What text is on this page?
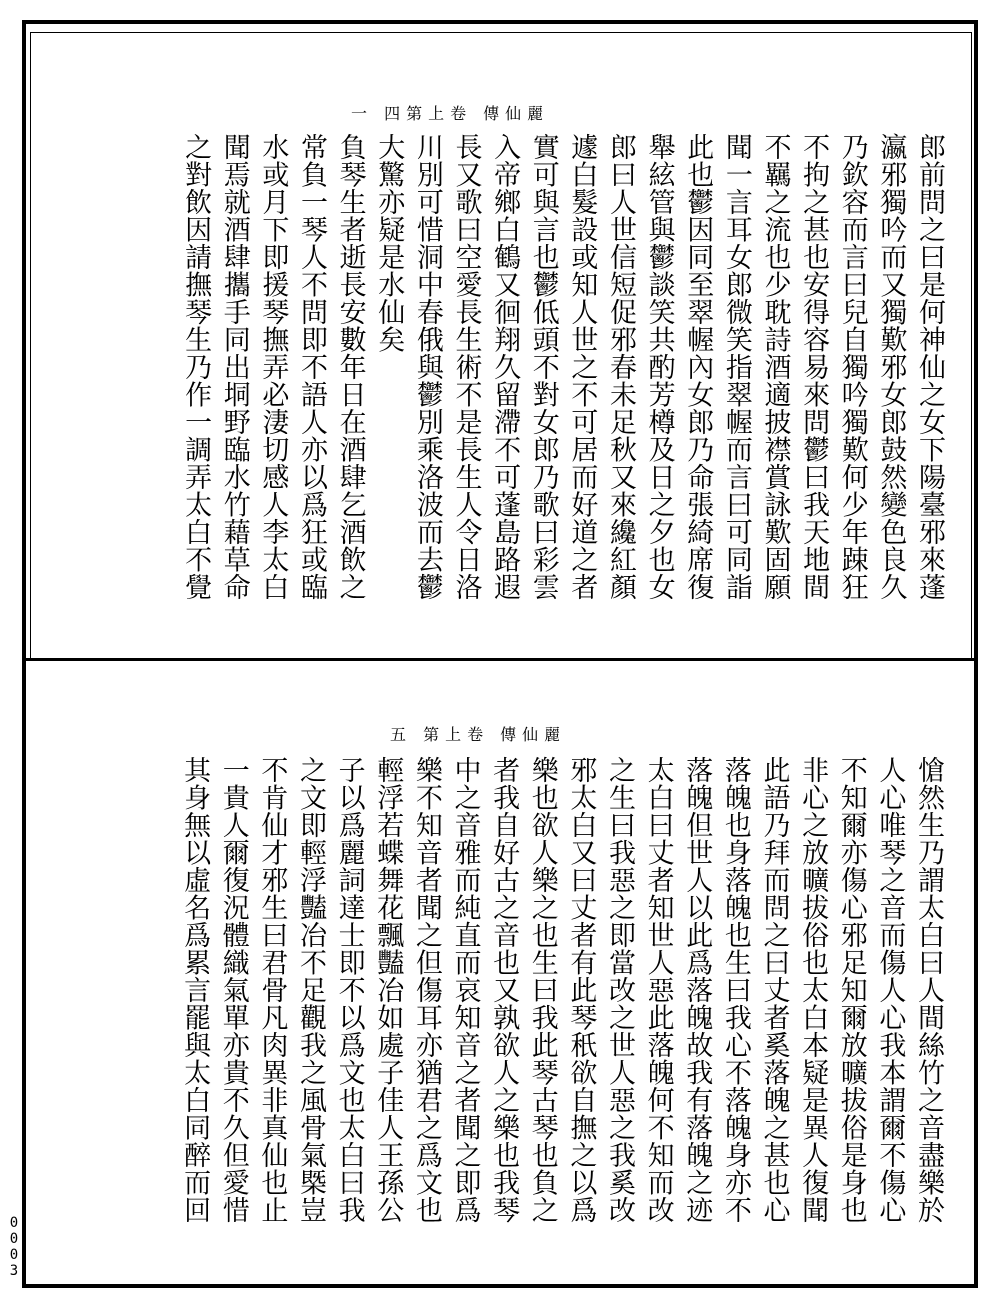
一 四第上卷 傳仙麗
郎前問之曰是何神仙之女下陽臺邪來蓬
瀛邪獨吟而又獨歎邪女郎鼓然變色良久
乃欽容而言曰兒自獨吟獨歎何少年踈狂
不拘之甚也安得容易來問鬱曰我天地間
不羈之流也少耽詩酒適披襟賞詠歎固願
聞一言耳女郎微笑指翠幄而言曰可同詣
此也鬱因同至翠幄內女郎乃命張綺席復
舉絃管與鬱談笑共酌芳樽及日之夕也女
郎曰人世信短促邪春未足秋又來纔紅顏
遽白髮設或知人世之不可居而好道之者
實可與言也鬱低頭不對女郎乃歌曰彩雲
入帝鄉白鶴又徊翔久留滯不可蓬島路遐
長又歌曰空愛長生術不是長生人令日洛
川別可惜洞中春俄與鬱別乘洛波而去鬱
大驚亦疑是水仙矣
負琴生者逝長安數年日在酒肆乞酒飲之
常負一琴人不問即不語人亦以爲狂或臨
水或月下即援琴撫弄必淒切感人李太白
聞焉就酒肆攜手同出垌野臨水竹藉草命
之對飲因請撫琴生乃作一調弄太白不覺
五 第上卷 傳仙麗
愴然生乃謂太白曰人間絲竹之音盡樂於
人心唯琴之音而傷人心我本謂爾不傷心
不知爾亦傷心邪足知爾放曠拔俗是身也
非心之放曠拔俗也太白本疑是異人復聞
此語乃拜而問之曰丈者奚落魄之甚也心
落魄也身落魄也生曰我心不落魄身亦不
落魄但世人以此爲落魄故我有落魄之迹
太白曰丈者知世人惡此落魄何不知而改
之生曰我惡之即當改之世人惡之我奚改
邪太白又曰丈者有此琴秖欲自撫之以爲
樂也欲人樂之也生曰我此琴古琴也負之
者我自好古之音也又孰欲人之樂也我琴
中之音雅而純直而哀知音之者聞之即爲
樂不知音者聞之但傷耳亦猶君之爲文也
輕浮若蝶舞花飄豔冶如處子佳人王孫公
子以爲麗詞達士即不以爲文也太白曰我
之文即輕浮豔冶不足觀我之風骨氣槩豈
不肯仙才邪生曰君骨凡肉異非真仙也止
一貴人爾復況體織氣單亦貴不久但愛惜
其身無以虛名爲累言罷與太白同醉而回
0003
